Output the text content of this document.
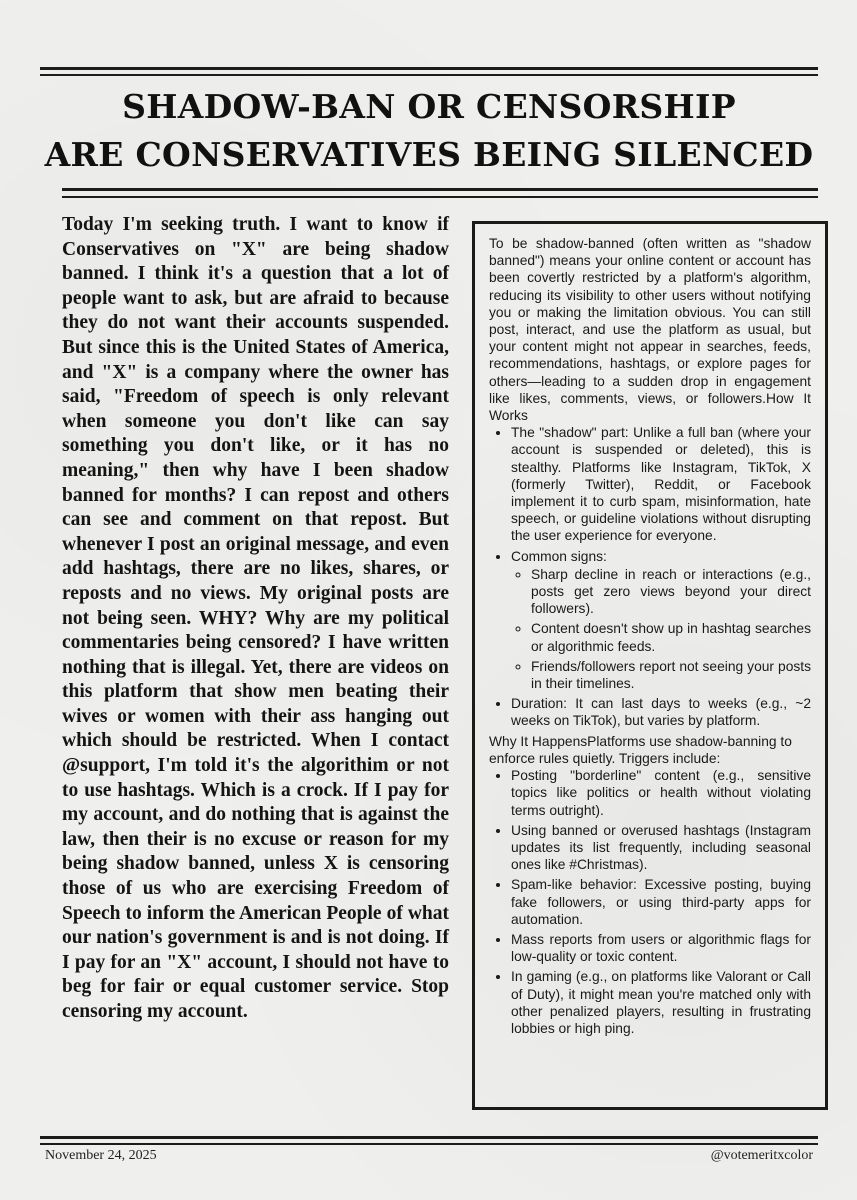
SHADOW-BAN OR CENSORSHIP
ARE CONSERVATIVES BEING SILENCED

Today I'm seeking truth. I want to know if Conservatives on "X" are being shadow banned. I think it's a question that a lot of people want to ask, but are afraid to because they do not want their accounts suspended. But since this is the United States of America, and "X" is a company where the owner has said, "Freedom of speech is only relevant when someone you don't like can say something you don't like, or it has no meaning," then why have I been shadow banned for months? I can repost and others can see and comment on that repost. But whenever I post an original message, and even add hashtags, there are no likes, shares, or reposts and no views. My original posts are not being seen. WHY? Why are my political commentaries being censored? I have written nothing that is illegal. Yet, there are videos on this platform that show men beating their wives or women with their ass hanging out which should be restricted. When I contact @support, I'm told it's the algorithim or not to use hashtags. Which is a crock. If I pay for my account, and do nothing that is against the law, then their is no excuse or reason for my being shadow banned, unless X is censoring those of us who are exercising Freedom of Speech to inform the American People of what our nation's government is and is not doing. If I pay for an "X" account, I should not have to beg for fair or equal customer service. Stop censoring my account.

To be shadow-banned (often written as "shadow banned") means your online content or account has been covertly restricted by a platform's algorithm, reducing its visibility to other users without notifying you or making the limitation obvious. You can still post, interact, and use the platform as usual, but your content might not appear in searches, feeds, recommendations, hashtags, or explore pages for others—leading to a sudden drop in engagement like likes, comments, views, or followers.How It Works

• The "shadow" part: Unlike a full ban (where your account is suspended or deleted), this is stealthy. Platforms like Instagram, TikTok, X (formerly Twitter), Reddit, or Facebook implement it to curb spam, misinformation, hate speech, or guideline violations without disrupting the user experience for everyone.
• Common signs:
◦ Sharp decline in reach or interactions (e.g., posts get zero views beyond your direct followers).
◦ Content doesn't show up in hashtag searches or algorithmic feeds.
◦ Friends/followers report not seeing your posts in their timelines.
• Duration: It can last days to weeks (e.g., ~2 weeks on TikTok), but varies by platform.

Why It HappensPlatforms use shadow-banning to enforce rules quietly. Triggers include:

• Posting "borderline" content (e.g., sensitive topics like politics or health without violating terms outright).
• Using banned or overused hashtags (Instagram updates its list frequently, including seasonal ones like #Christmas).
• Spam-like behavior: Excessive posting, buying fake followers, or using third-party apps for automation.
• Mass reports from users or algorithmic flags for low-quality or toxic content.
• In gaming (e.g., on platforms like Valorant or Call of Duty), it might mean you're matched only with other penalized players, resulting in frustrating lobbies or high ping.
November 24, 2025	@votemeritxcolor
